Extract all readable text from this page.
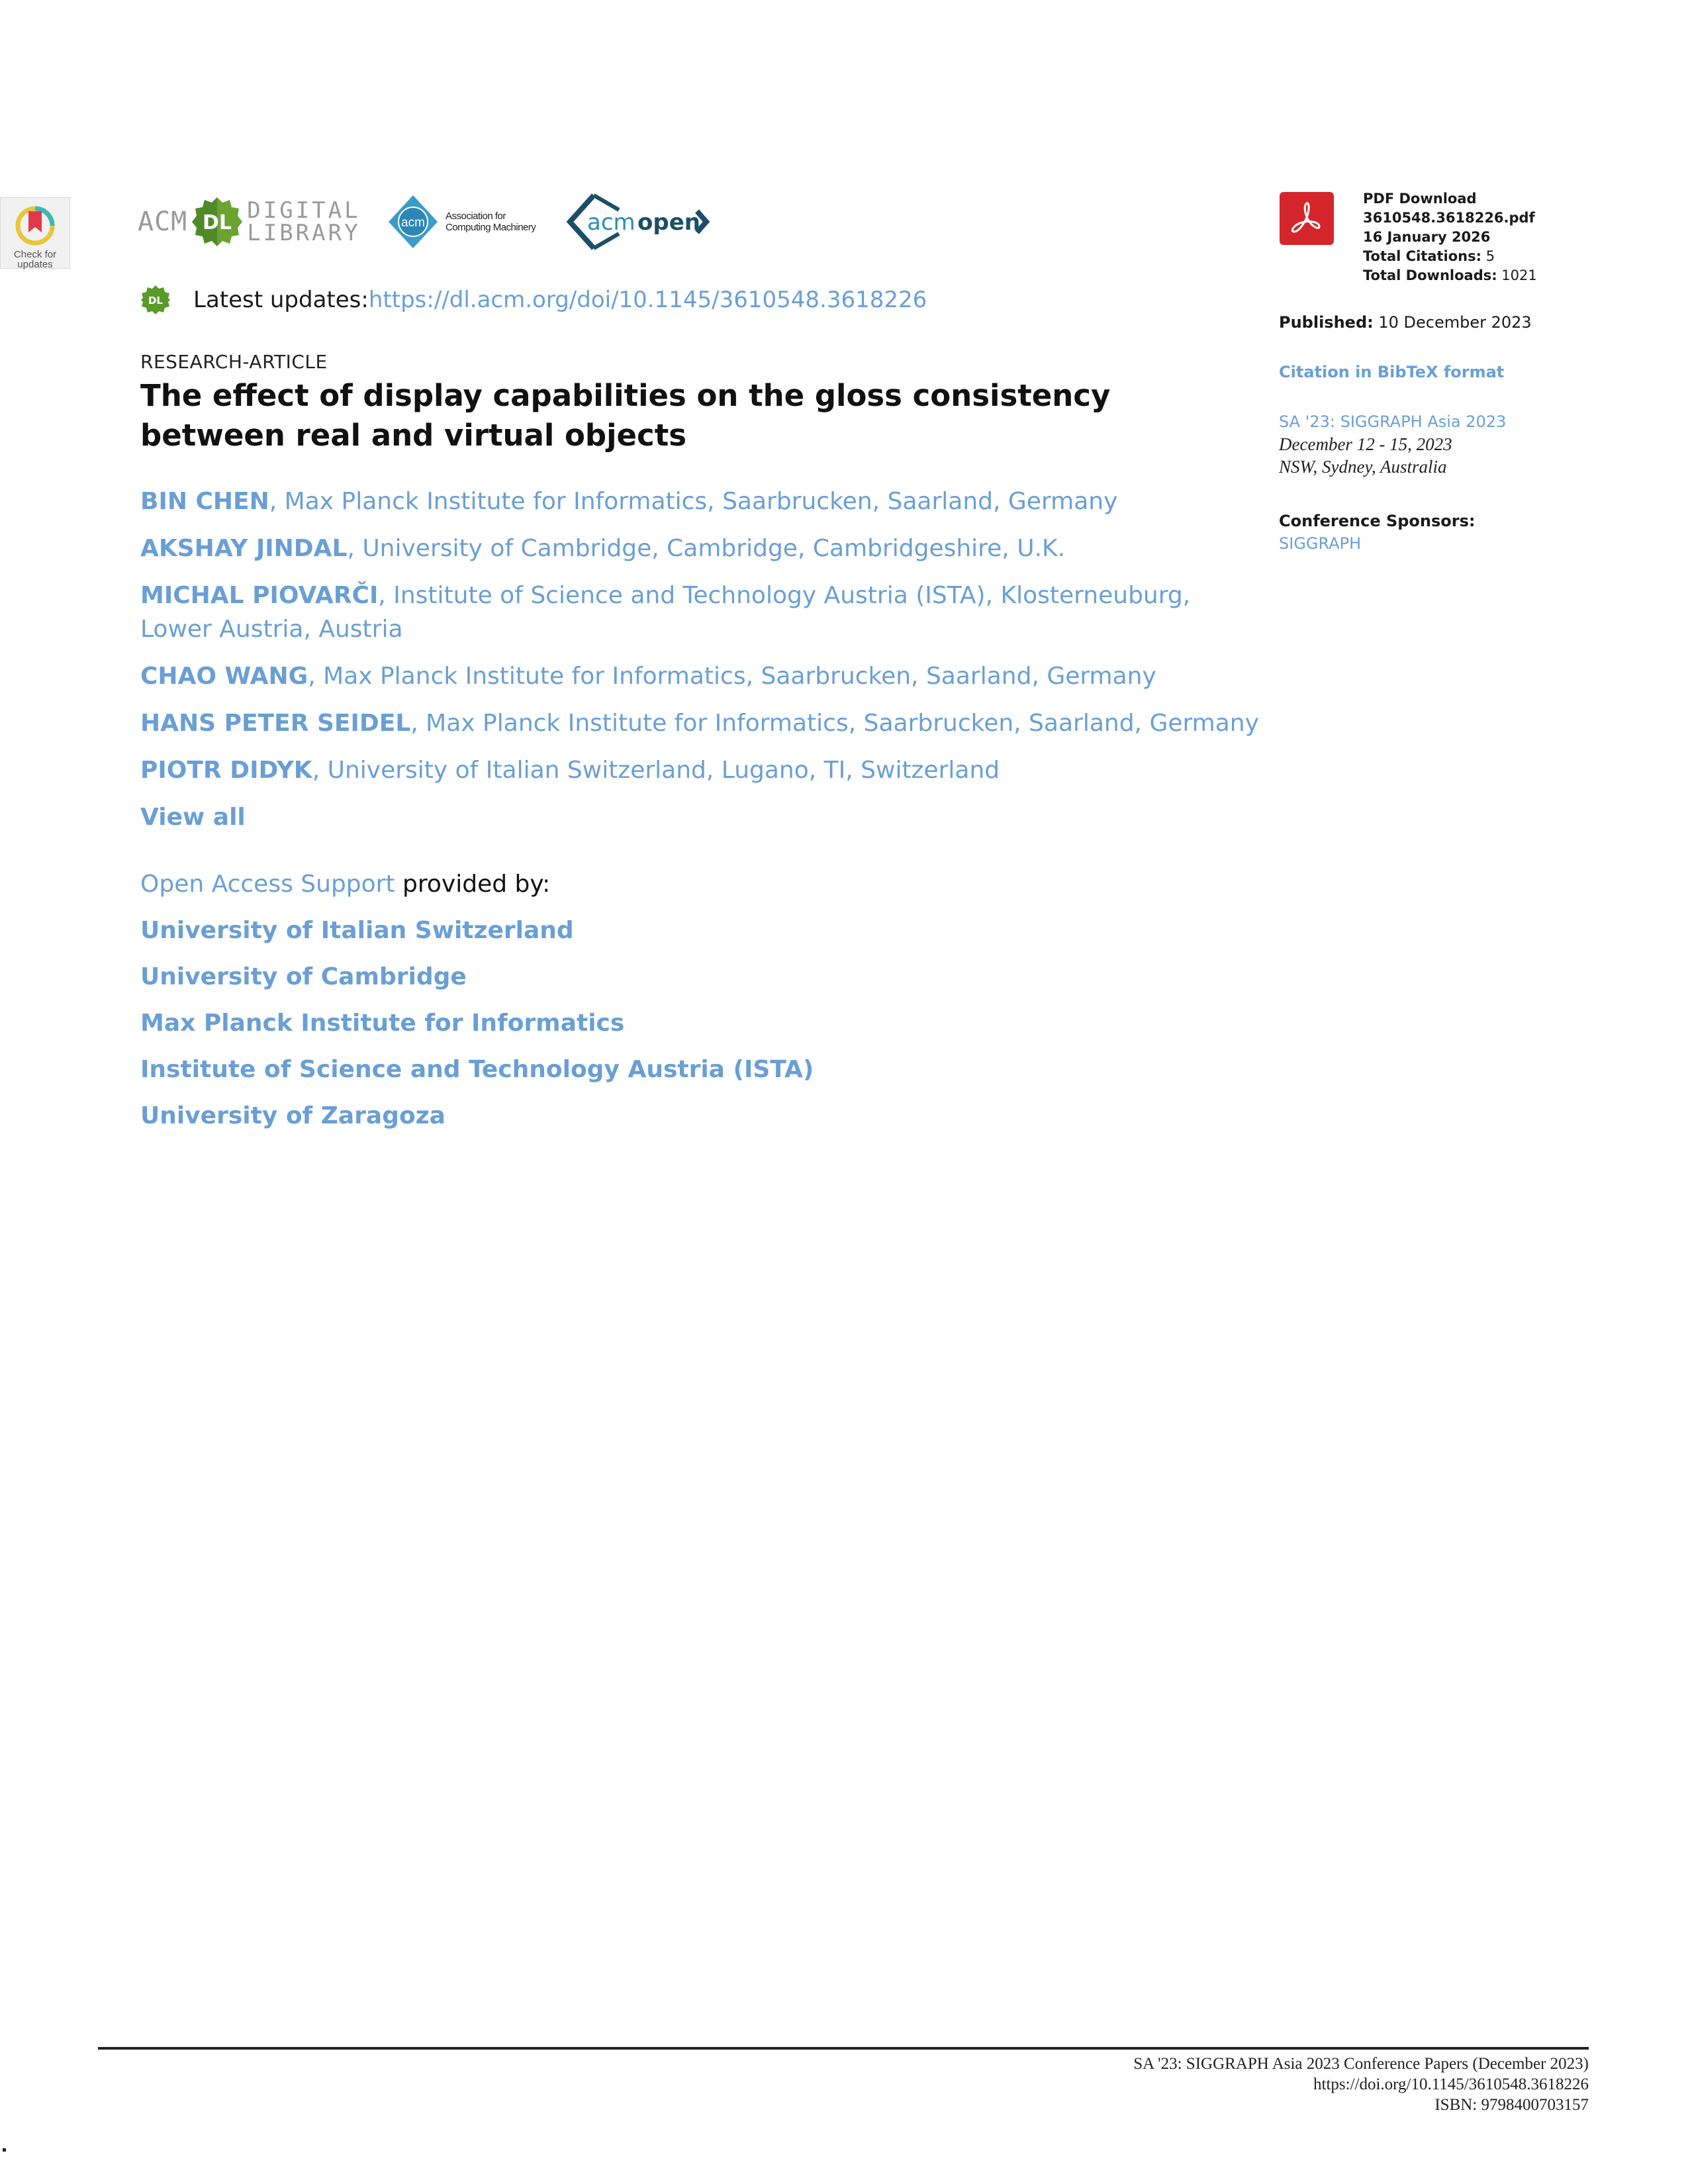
Check for
updates
ACM DL DIGITAL
LIBRARY	acm Association for
Computing Machinery acm open
DL Latest updates: https://dl.acm.org/doi/10.1145/3610548.3618226
RESEARCH-ARTICLE
The effect of display capabilities on the gloss consistency between real and virtual objects
BIN CHEN, Max Planck Institute for Informatics, Saarbrucken, Saarland, Germany
AKSHAY JINDAL, University of Cambridge, Cambridge, Cambridgeshire, U.K.
MICHAL PIOVARČI, Institute of Science and Technology Austria (ISTA), Klosterneuburg, Lower Austria, Austria
CHAO WANG, Max Planck Institute for Informatics, Saarbrucken, Saarland, Germany
HANS PETER SEIDEL, Max Planck Institute for Informatics, Saarbrucken, Saarland, Germany
PIOTR DIDYK, University of Italian Switzerland, Lugano, TI, Switzerland
View all
Open Access Support provided by:
University of Italian Switzerland
University of Cambridge
Max Planck Institute for Informatics
Institute of Science and Technology Austria (ISTA)
University of Zaragoza
PDF Download
3610548.3618226.pdf
16 January 2026
Total Citations: 5
Total Downloads: 1021
Published: 10 December 2023
Citation in BibTeX format
SA '23: SIGGRAPH Asia 2023
December 12 - 15, 2023
NSW, Sydney, Australia
Conference Sponsors:
SIGGRAPH
SA '23: SIGGRAPH Asia 2023 Conference Papers (December 2023)
https://doi.org/10.1145/3610548.3618226
ISBN: 9798400703157
